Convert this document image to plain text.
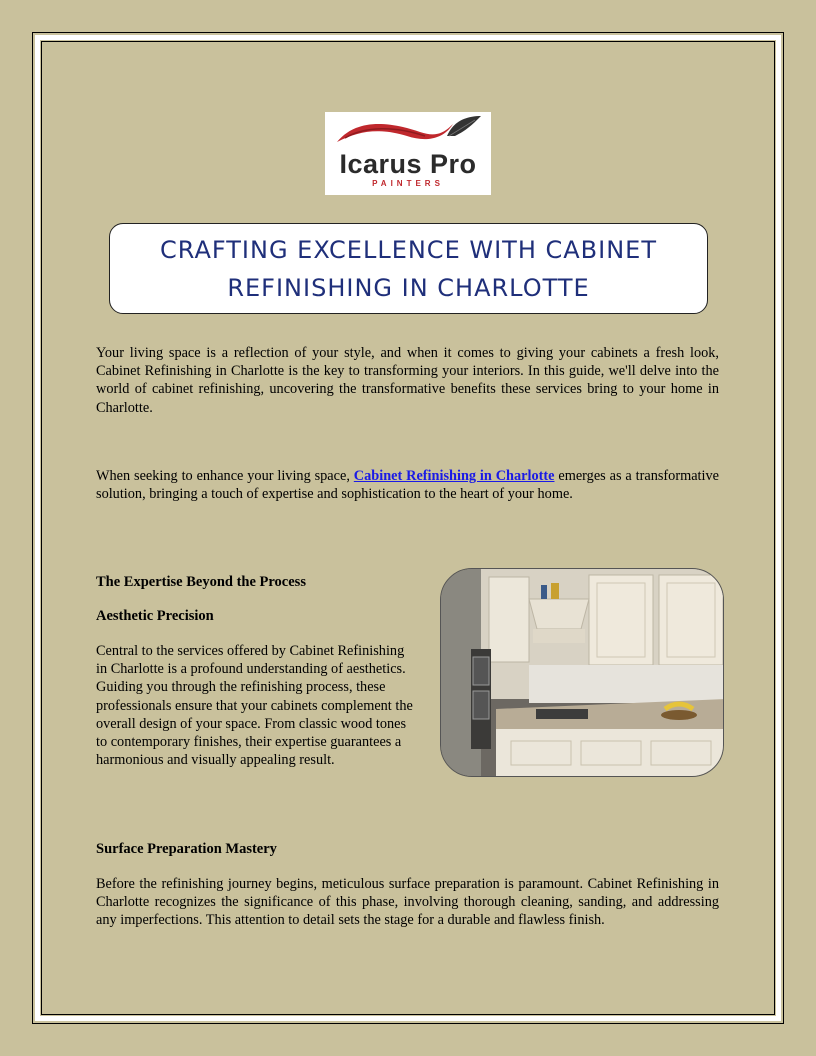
Icarus Pro
PAINTERS
CRAFTING EXCELLENCE WITH CABINET REFINISHING IN CHARLOTTE
Your living space is a reflection of your style, and when it comes to giving your cabinets a fresh look, Cabinet Refinishing in Charlotte is the key to transforming your interiors. In this guide, we'll delve into the world of cabinet refinishing, uncovering the transformative benefits these services bring to your home in Charlotte.
When seeking to enhance your living space, Cabinet Refinishing in Charlotte emerges as a transformative solution, bringing a touch of expertise and sophistication to the heart of your home.
The Expertise Beyond the Process
Aesthetic Precision
Central to the services offered by Cabinet Refinishing in Charlotte is a profound understanding of aesthetics. Guiding you through the refinishing process, these professionals ensure that your cabinets complement the overall design of your space. From classic wood tones to contemporary finishes, their expertise guarantees a harmonious and visually appealing result.
Surface Preparation Mastery
Before the refinishing journey begins, meticulous surface preparation is paramount. Cabinet Refinishing in Charlotte recognizes the significance of this phase, involving thorough cleaning, sanding, and addressing any imperfections. This attention to detail sets the stage for a durable and flawless finish.
